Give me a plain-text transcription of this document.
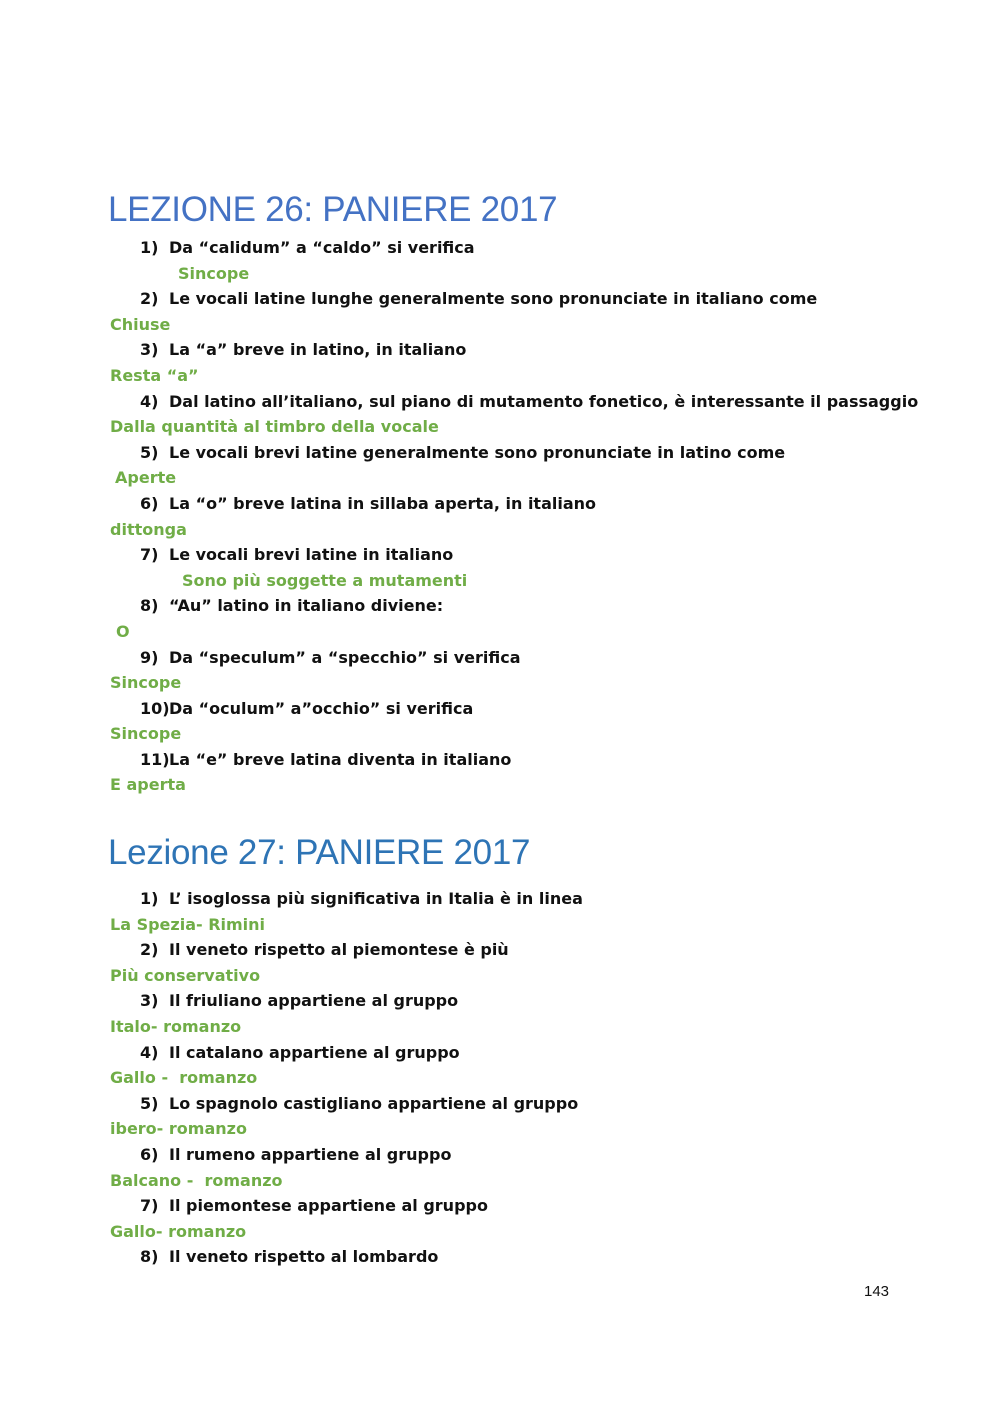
LEZIONE 26: PANIERE 2017
1) Da “calidum” a “caldo” si verifica
Sincope
2) Le vocali latine lunghe generalmente sono pronunciate in italiano come
Chiuse
3) La “a” breve in latino, in italiano
Resta “a”
4) Dal latino all’italiano, sul piano di mutamento fonetico, è interessante il passaggio
Dalla quantità al timbro della vocale
5) Le vocali brevi latine generalmente sono pronunciate in latino come
Aperte
6) La “o” breve latina in sillaba aperta, in italiano
dittonga
7) Le vocali brevi latine in italiano
Sono più soggette a mutamenti
8) “Au” latino in italiano diviene:
O
9) Da “speculum” a “specchio” si verifica
Sincope
10) Da “oculum” a”occhio” si verifica
Sincope
11) La “e” breve latina diventa in italiano
E aperta
Lezione 27: PANIERE 2017
1) L’ isoglossa più significativa in Italia è in linea
La Spezia- Rimini
2) Il veneto rispetto al piemontese è più
Più conservativo
3) Il friuliano appartiene al gruppo
Italo- romanzo
4) Il catalano appartiene al gruppo
Gallo -  romanzo
5) Lo spagnolo castigliano appartiene al gruppo
ibero- romanzo
6) Il rumeno appartiene al gruppo
Balcano -  romanzo
7) Il piemontese appartiene al gruppo
Gallo- romanzo
8) Il veneto rispetto al lombardo
143
